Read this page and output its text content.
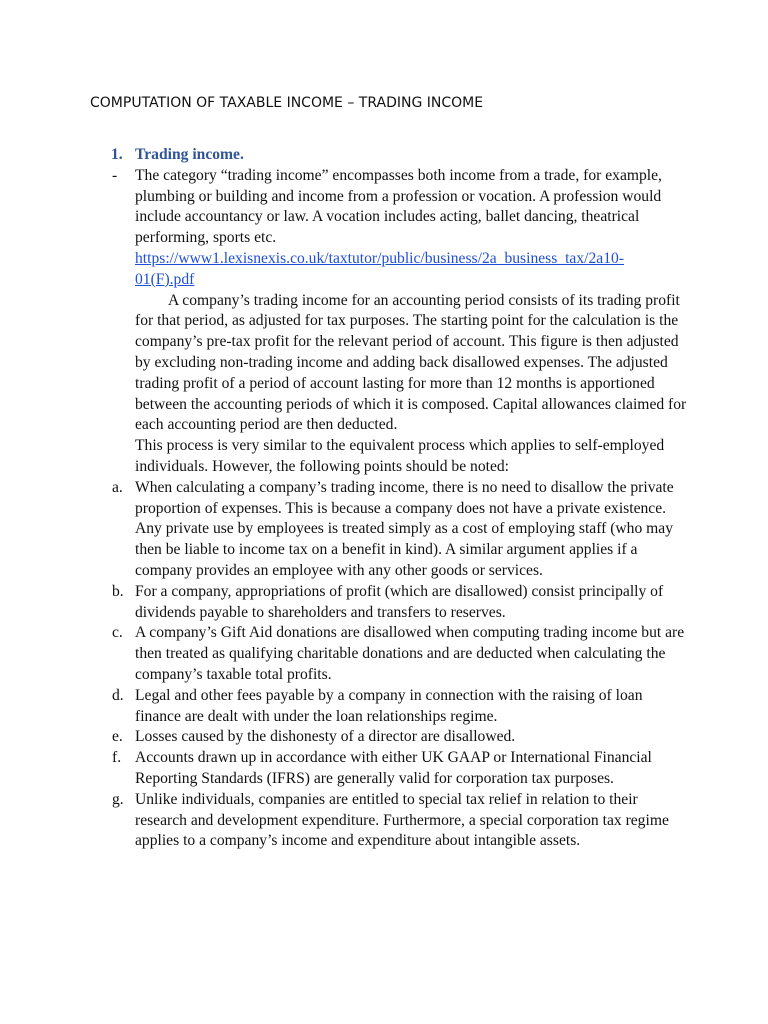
COMPUTATION OF TAXABLE INCOME – TRADING INCOME
1. Trading income.
- The category “trading income” encompasses both income from a trade, for example, plumbing or building and income from a profession or vocation. A profession would include accountancy or law. A vocation includes acting, ballet dancing, theatrical performing, sports etc.
https://www1.lexisnexis.co.uk/taxtutor/public/business/2a_business_tax/2a10-
01(F).pdf
A company’s trading income for an accounting period consists of its trading profit for that period, as adjusted for tax purposes. The starting point for the calculation is the company’s pre-tax profit for the relevant period of account. This figure is then adjusted by excluding non-trading income and adding back disallowed expenses. The adjusted trading profit of a period of account lasting for more than 12 months is apportioned between the accounting periods of which it is composed. Capital allowances claimed for each accounting period are then deducted.
This process is very similar to the equivalent process which applies to self-employed individuals. However, the following points should be noted:
a. When calculating a company’s trading income, there is no need to disallow the private proportion of expenses. This is because a company does not have a private existence. Any private use by employees is treated simply as a cost of employing staff (who may then be liable to income tax on a benefit in kind). A similar argument applies if a company provides an employee with any other goods or services.
b. For a company, appropriations of profit (which are disallowed) consist principally of dividends payable to shareholders and transfers to reserves.
c. A company’s Gift Aid donations are disallowed when computing trading income but are then treated as qualifying charitable donations and are deducted when calculating the company’s taxable total profits.
d. Legal and other fees payable by a company in connection with the raising of loan finance are dealt with under the loan relationships regime.
e. Losses caused by the dishonesty of a director are disallowed.
f. Accounts drawn up in accordance with either UK GAAP or International Financial Reporting Standards (IFRS) are generally valid for corporation tax purposes.
g. Unlike individuals, companies are entitled to special tax relief in relation to their research and development expenditure. Furthermore, a special corporation tax regime applies to a company’s income and expenditure about intangible assets.
